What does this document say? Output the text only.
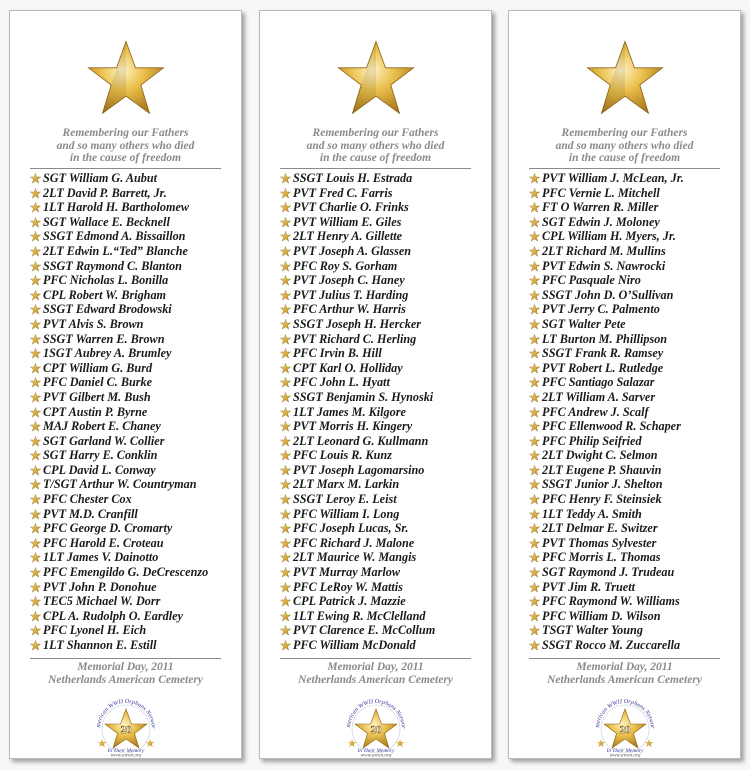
Remembering our Fathers
and so many others who died
in the cause of freedom
SGT William G. Aubut
2LT David P. Barrett, Jr.
1LT Harold H. Bartholomew
SGT Wallace E. Becknell
SSGT Edmond A. Bissaillon
2LT Edwin L.“Ted” Blanche
SSGT Raymond C. Blanton
PFC Nicholas L. Bonilla
CPL Robert W. Brigham
SSGT Edward Brodowski
PVT Alvis S. Brown
SSGT Warren E. Brown
1SGT Aubrey A. Brumley
CPT William G. Burd
PFC Daniel C. Burke
PVT Gilbert M. Bush
CPT Austin P. Byrne
MAJ Robert E. Chaney
SGT Garland W. Collier
SGT Harry E. Conklin
CPL David L. Conway
T/SGT Arthur W. Countryman
PFC Chester Cox
PVT M.D. Cranfill
PFC George D. Cromarty
PFC Harold E. Croteau
1LT James V. Dainotto
PFC Emengildo G. DeCrescenzo
PVT John P. Donohue
TEC5 Michael W. Dorr
CPL A. Rudolph O. Eardley
PFC Lyonel H. Eich
1LT Shannon E. Estill
Memorial Day, 2011
Netherlands American Cemetery
merican WWII Orphans Networ
20
In Their Memory
www.awon.org
Remembering our Fathers
and so many others who died
in the cause of freedom
SSGT Louis H. Estrada
PVT Fred C. Farris
PVT Charlie O. Frinks
PVT William E. Giles
2LT Henry A. Gillette
PVT Joseph A. Glassen
PFC Roy S. Gorham
PVT Joseph C. Haney
PVT Julius T. Harding
PFC Arthur W. Harris
SSGT Joseph H. Hercker
PVT Richard C. Herling
PFC Irvin B. Hill
CPT Karl O. Holliday
PFC John L. Hyatt
SSGT Benjamin S. Hynoski
1LT James M. Kilgore
PVT Morris H. Kingery
2LT Leonard G. Kullmann
PFC Louis R. Kunz
PVT Joseph Lagomarsino
2LT Marx M. Larkin
SSGT Leroy E. Leist
PFC William I. Long
PFC Joseph Lucas, Sr.
PFC Richard J. Malone
2LT Maurice W. Mangis
PVT Murray Marlow
PFC LeRoy W. Mattis
CPL Patrick J. Mazzie
1LT Ewing R. McClelland
PVT Clarence E. McCollum
PFC William McDonald
Memorial Day, 2011
Netherlands American Cemetery
merican WWII Orphans Networ
20
In Their Memory
www.awon.org
Remembering our Fathers
and so many others who died
in the cause of freedom
PVT William J. McLean, Jr.
PFC Vernie L. Mitchell
FT O Warren R. Miller
SGT Edwin J. Moloney
CPL William H. Myers, Jr.
2LT Richard M. Mullins
PVT Edwin S. Nawrocki
PFC Pasquale Niro
SSGT John D. O’Sullivan
PVT Jerry C. Palmento
SGT Walter Pete
LT Burton M. Phillipson
SSGT Frank R. Ramsey
PVT Robert L. Rutledge
PFC Santiago Salazar
2LT William A. Sarver
PFC Andrew J. Scalf
PFC Ellenwood R. Schaper
PFC Philip Seifried
2LT Dwight C. Selmon
2LT Eugene P. Shauvin
SSGT Junior J. Shelton
PFC Henry F. Steinsiek
1LT Teddy A. Smith
2LT Delmar E. Switzer
PVT Thomas Sylvester
PFC Morris L. Thomas
SGT Raymond J. Trudeau
PVT Jim R. Truett
PFC Raymond W. Williams
PFC William D. Wilson
TSGT Walter Young
SSGT Rocco M. Zuccarella
Memorial Day, 2011
Netherlands American Cemetery
merican WWII Orphans Networ
20
In Their Memory
www.awon.org
